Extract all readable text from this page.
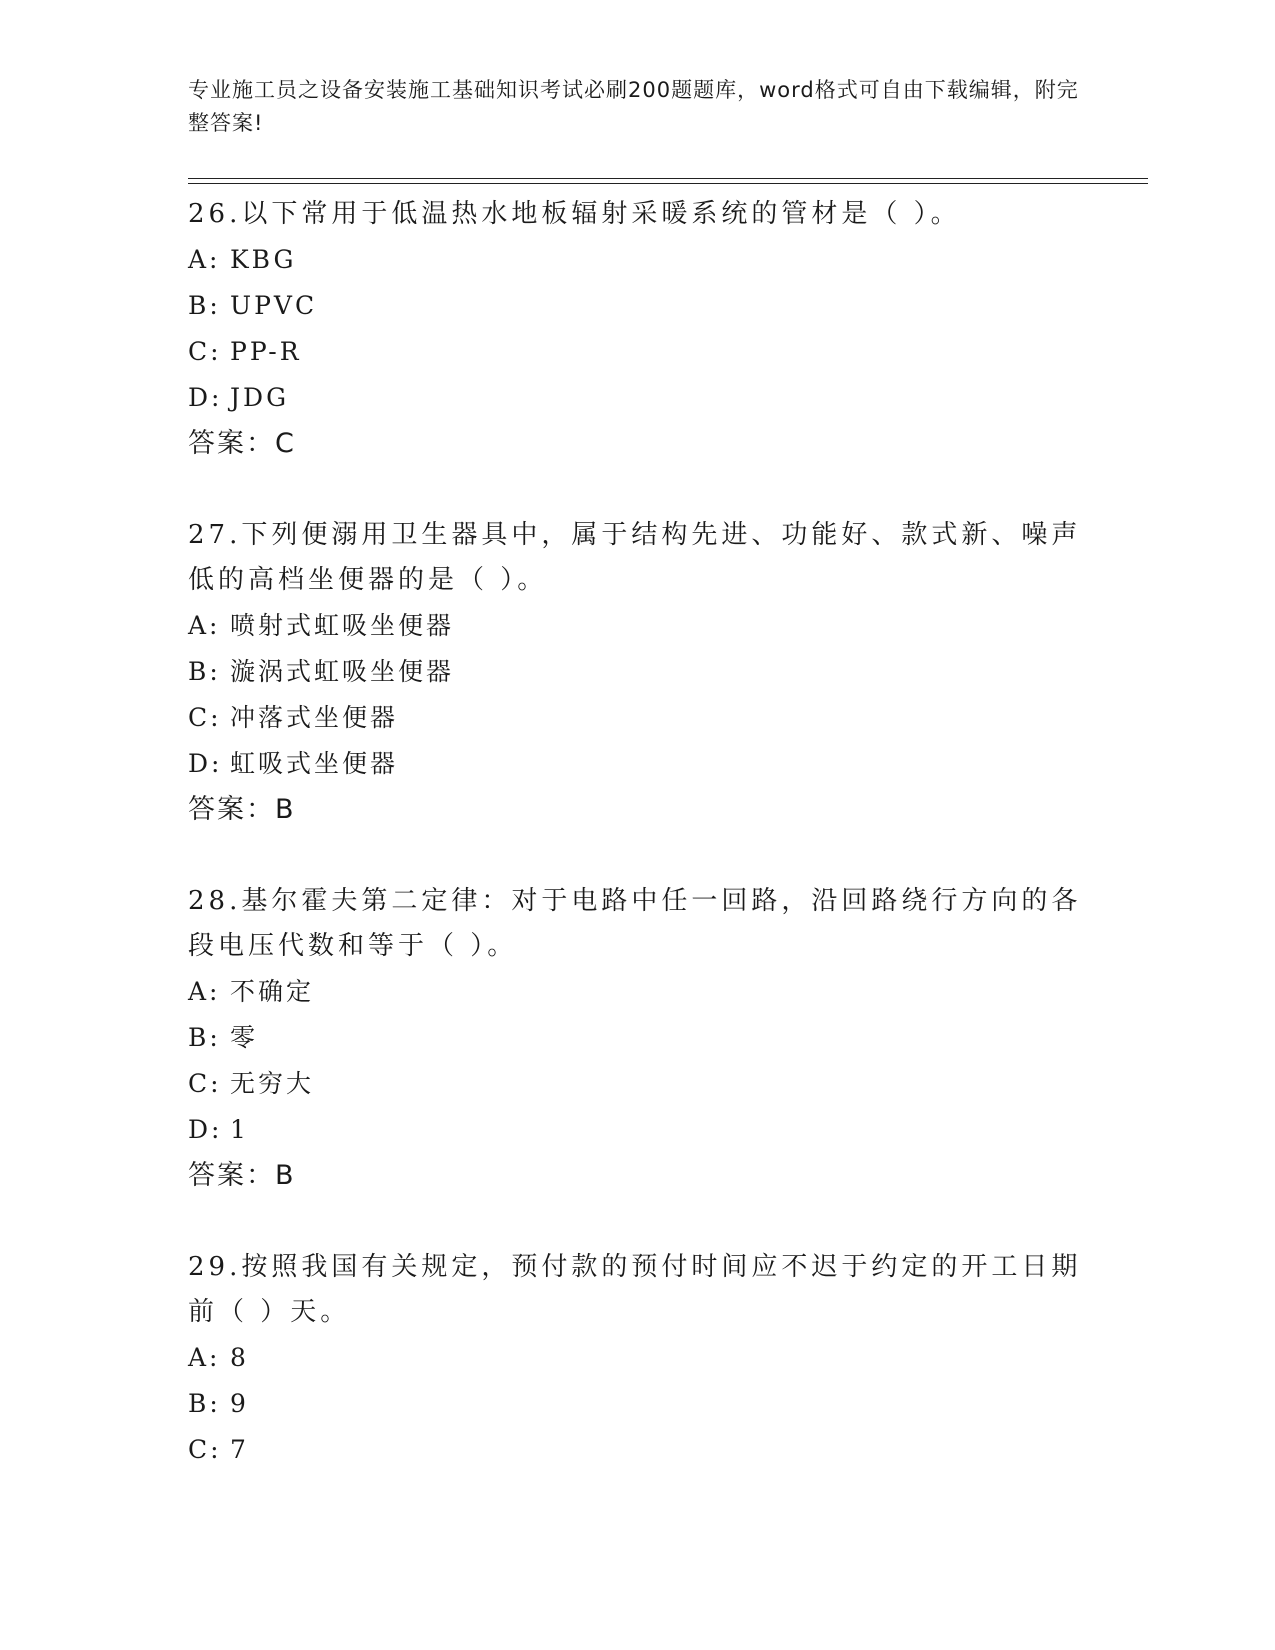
专业施工员之设备安装施工基础知识考试必刷200题题库，word格式可自由下载编辑，附完整答案!

26.以下常用于低温热水地板辐射采暖系统的管材是（ ）。

A: KBG
B: UPVC
C: PP-R
D: JDG
答案：C

27.下列便溺用卫生器具中，属于结构先进、功能好、款式新、噪声低的高档坐便器的是（ ）。

A: 喷射式虹吸坐便器
B: 漩涡式虹吸坐便器
C: 冲落式坐便器
D: 虹吸式坐便器
答案：B

28.基尔霍夫第二定律：对于电路中任一回路，沿回路绕行方向的各段电压代数和等于（ ）。

A: 不确定
B: 零
C: 无穷大
D: 1
答案：B

29.按照我国有关规定，预付款的预付时间应不迟于约定的开工日期前（ ）天。

A: 8
B: 9
C: 7
